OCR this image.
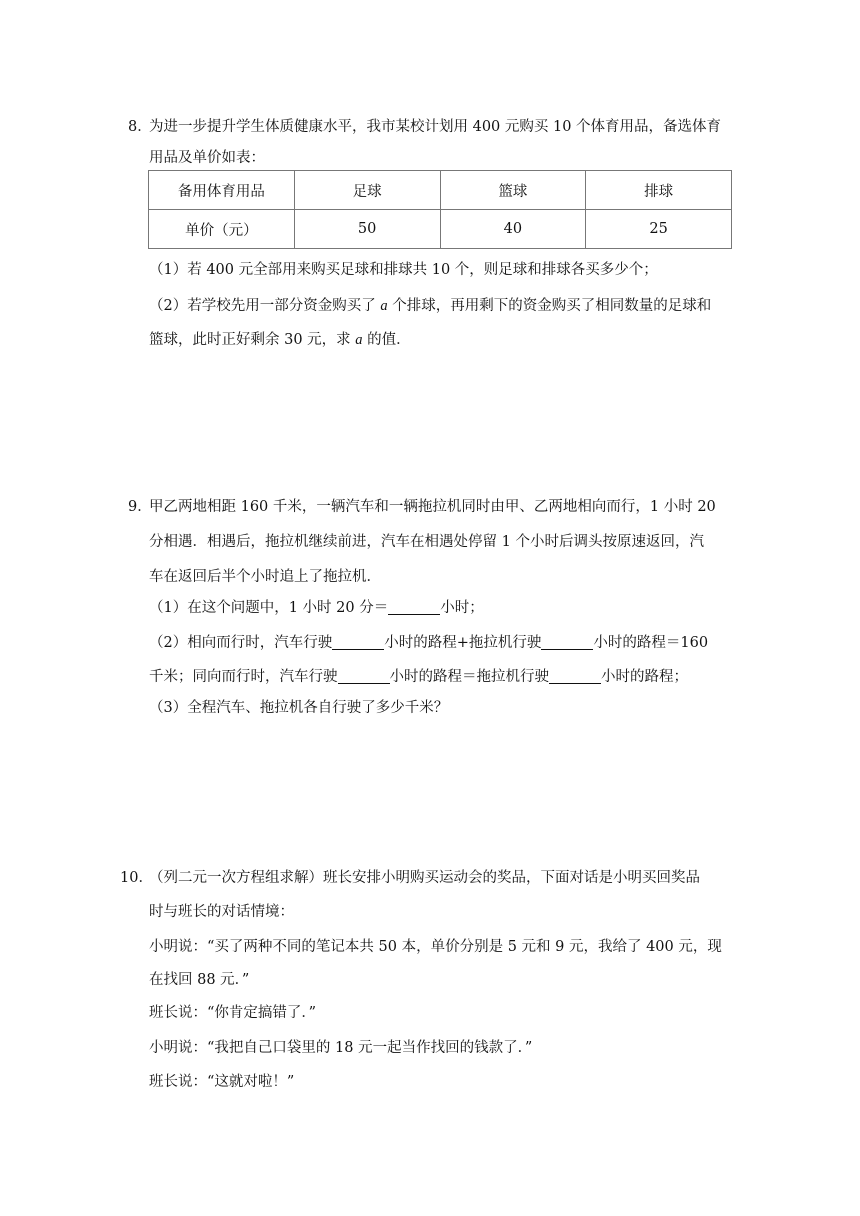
8．
为进一步提升学生体质健康水平，我市某校计划用 400 元购买 10 个体育用品，备选体育
用品及单价如表：
备用体育用品	足球	篮球	排球
单价（元）	50	40	25
（1）若 400 元全部用来购买足球和排球共 10 个，则足球和排球各买多少个；
（2）若学校先用一部分资金购买了 a 个排球，再用剩下的资金购买了相同数量的足球和
篮球，此时正好剩余 30 元，求 a 的值．
9．
甲乙两地相距 160 千米，一辆汽车和一辆拖拉机同时由甲、乙两地相向而行，1 小时 20
分相遇．相遇后，拖拉机继续前进，汽车在相遇处停留 1 个小时后调头按原速返回，汽
车在返回后半个小时追上了拖拉机．
（1）在这个问题中，1 小时 20 分＝	小时；
（2）相向而行时，汽车行驶	小时的路程+拖拉机行驶	小时的路程＝160
千米；同向而行时，汽车行驶	小时的路程＝拖拉机行驶	小时的路程；
（3）全程汽车、拖拉机各自行驶了多少千米？
10．
（列二元一次方程组求解）班长安排小明购买运动会的奖品，下面对话是小明买回奖品
时与班长的对话情境：
小明说：“买了两种不同的笔记本共 50 本，单价分别是 5 元和 9 元，我给了 400 元，现
在找回 88 元．”
班长说：“你肯定搞错了．”
小明说：“我把自己口袋里的 18 元一起当作找回的钱款了．”
班长说：“这就对啦！”
